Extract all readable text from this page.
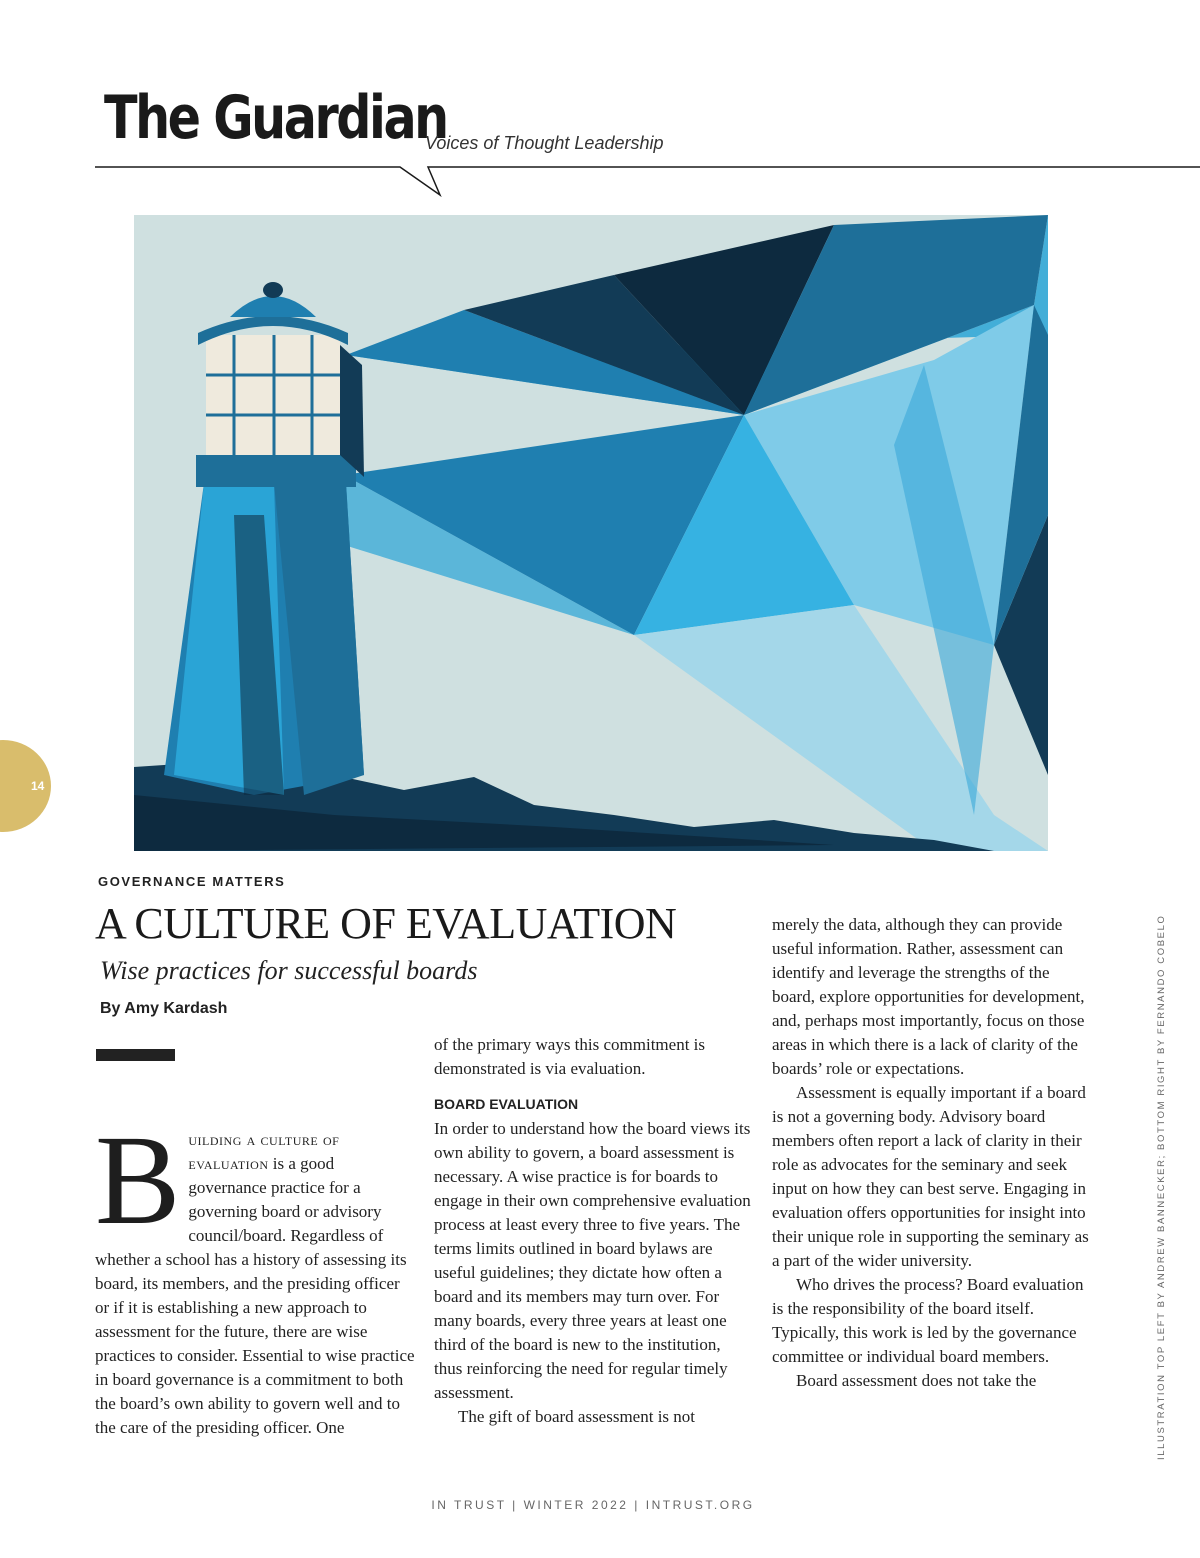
The Guardian
Voices of Thought Leadership
14
GOVERNANCE MATTERS
A CULTURE OF EVALUATION
Wise practices for successful boards
By Amy Kardash

Building a culture of evaluation is a good governance practice for a governing board or advisory council/board. Regardless of whether a school has a history of assessing its board, its members, and the presiding officer or if it is establishing a new approach to assessment for the future, there are wise practices to consider. Essential to wise practice in board governance is a commitment to both the board’s own ability to govern well and to the care of the presiding officer. One

of the primary ways this commitment is demonstrated is via evaluation.

BOARD EVALUATION

In order to understand how the board views its own ability to govern, a board assessment is necessary. A wise practice is for boards to engage in their own comprehensive evaluation process at least every three to five years. The terms limits outlined in board bylaws are useful guidelines; they dictate how often a board and its members may turn over. For many boards, every three years at least one third of the board is new to the institution, thus reinforcing the need for regular timely assessment.

The gift of board assessment is not

merely the data, although they can provide useful information. Rather, assessment can identify and leverage the strengths of the board, explore opportunities for development, and, perhaps most importantly, focus on those areas in which there is a lack of clarity of the boards’ role or expectations.

Assessment is equally important if a board is not a governing body. Advisory board members often report a lack of clarity in their role as advocates for the seminary and seek input on how they can best serve. Engaging in evaluation offers opportunities for insight into their unique role in supporting the seminary as a part of the wider university.

Who drives the process? Board evaluation is the responsibility of the board itself. Typically, this work is led by the governance committee or individual board members.

Board assessment does not take the	ILLUSTRATION TOP LEFT BY ANDREW BANNECKER; BOTTOM RIGHT BY FERNANDO COBELO
IN TRUST | WINTER 2022 | INTRUST.ORG
